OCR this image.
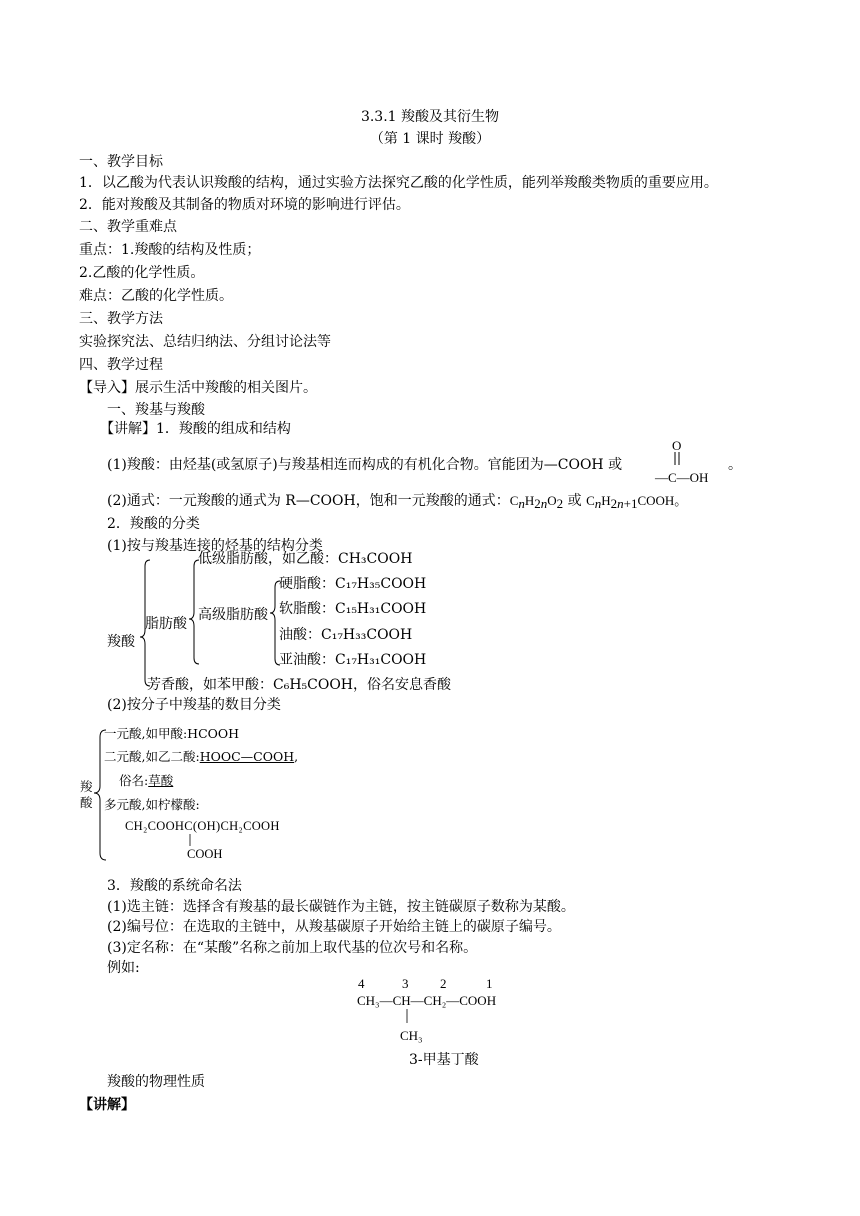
3.3.1 羧酸及其衍生物
（第 1 课时 羧酸）
一、教学目标
1．以乙酸为代表认识羧酸的结构，通过实验方法探究乙酸的化学性质，能列举羧酸类物质的重要应用。
2．能对羧酸及其制备的物质对环境的影响进行评估。
二、教学重难点
重点：1.羧酸的结构及性质；
2.乙酸的化学性质。
难点：乙酸的化学性质。
三、教学方法
实验探究法、总结归纳法、分组讨论法等
四、教学过程
【导入】展示生活中羧酸的相关图片。
一、羧基与羧酸
【讲解】1．羧酸的组成和结构
(1)羧酸：由烃基(或氢原子)与羧基相连而构成的有机化合物。官能团为—COOH 或
O
—C—OH
。
(2)通式：一元羧酸的通式为 R—COOH，饱和一元羧酸的通式：CnH2nO2 或 CnH2n+1COOH。
2．羧酸的分类
(1)按与羧基连接的烃基的结构分类
羧酸
脂肪酸
低级脂肪酸，如乙酸：CH₃COOH
高级脂肪酸
硬脂酸：C₁₇H₃₅COOH
软脂酸：C₁₅H₃₁COOH
油酸：C₁₇H₃₃COOH
亚油酸：C₁₇H₃₁COOH
芳香酸，如苯甲酸：C₆H₅COOH，俗名安息香酸
(2)按分子中羧基的数目分类
羧
酸
一元酸,如甲酸:HCOOH
二元酸,如乙二酸:HOOC—COOH,
俗名:草酸
多元酸,如柠檬酸:
CH₂COOHC(OH)CH₂COOH
COOH
3．羧酸的系统命名法
(1)选主链：选择含有羧基的最长碳链作为主链，按主链碳原子数称为某酸。
(2)编号位：在选取的主链中，从羧基碳原子开始给主链上的碳原子编号。
(3)定名称：在“某酸”名称之前加上取代基的位次号和名称。
例如:
4	3 2	1
CH₃—CH—CH₂—COOH
CH₃
3-甲基丁酸
羧酸的物理性质
【讲解】
